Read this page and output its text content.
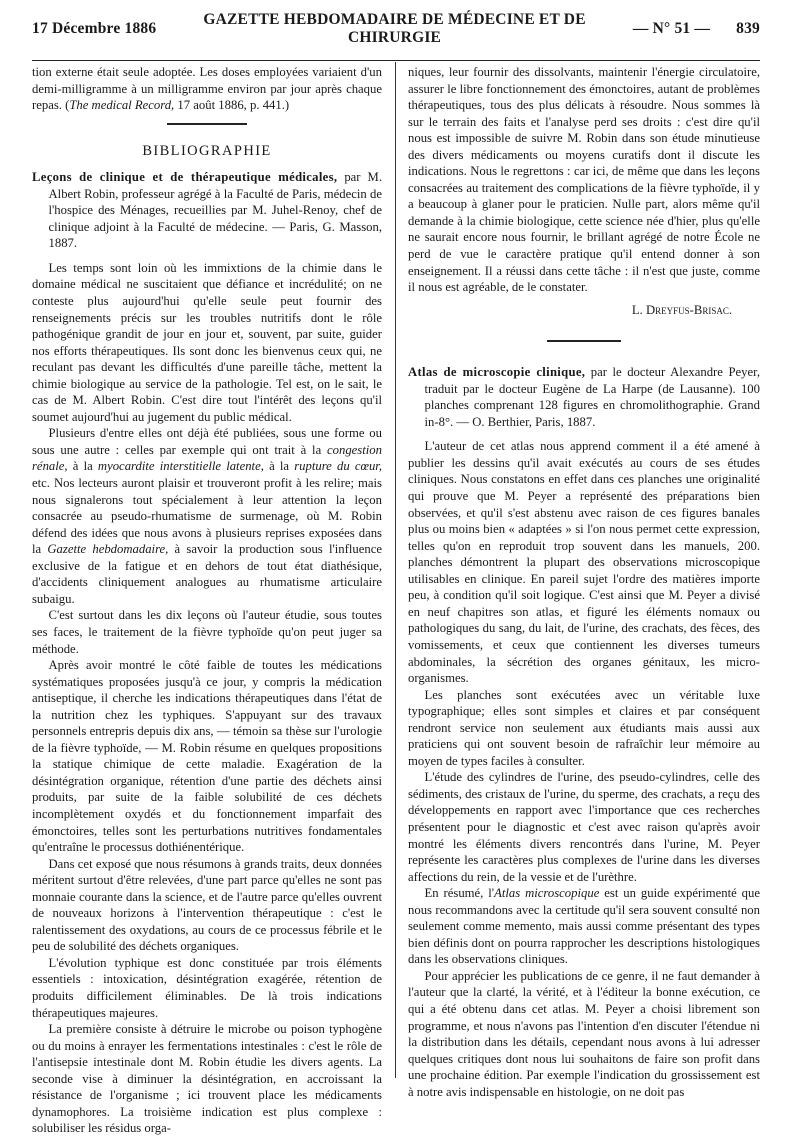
17 Décembre 1886
GAZETTE HEBDOMADAIRE DE MÉDECINE ET DE CHIRURGIE
— N° 51 — 839

tion externe était seule adoptée. Les doses employées variaient d'un demi-milligramme à un milligramme environ par jour après chaque repas. (The medical Record, 17 août 1886, p. 441.)

BIBLIOGRAPHIE

Leçons de clinique et de thérapeutique médicales, par M. Albert Robin, professeur agrégé à la Faculté de Paris, médecin de l'hospice des Ménages, recueillies par M. Juhel-Renoy, chef de clinique adjoint à la Faculté de médecine. — Paris, G. Masson, 1887.

Les temps sont loin où les immixtions de la chimie dans le domaine médical ne suscitaient que défiance et incrédulité; on ne conteste plus aujourd'hui qu'elle seule peut fournir des renseignements précis sur les troubles nutritifs dont le rôle pathogénique grandit de jour en jour et, souvent, par suite, guider nos efforts thérapeutiques. Ils sont donc les bienvenus ceux qui, ne reculant pas devant les difficultés d'une pareille tâche, mettent la chimie biologique au service de la pathologie. Tel est, on le sait, le cas de M. Albert Robin. C'est dire tout l'intérêt des leçons qu'il soumet aujourd'hui au jugement du public médical.

Plusieurs d'entre elles ont déjà été publiées, sous une forme ou sous une autre : celles par exemple qui ont trait à la congestion rénale, à la myocardite interstitielle latente, à la rupture du cœur, etc. Nos lecteurs auront plaisir et trouveront profit à les relire; mais nous signalerons tout spécialement à leur attention la leçon consacrée au pseudo-rhumatisme de surmenage, où M. Robin défend des idées que nous avons à plusieurs reprises exposées dans la Gazette hebdomadaire, à savoir la production sous l'influence exclusive de la fatigue et en dehors de tout état diathésique, d'accidents cliniquement analogues au rhumatisme articulaire subaigu.

C'est surtout dans les dix leçons où l'auteur étudie, sous toutes ses faces, le traitement de la fièvre typhoïde qu'on peut juger sa méthode.

Après avoir montré le côté faible de toutes les médications systématiques proposées jusqu'à ce jour, y compris la médication antiseptique, il cherche les indications thérapeutiques dans l'état de la nutrition chez les typhiques. S'appuyant sur des travaux personnels entrepris depuis dix ans, — témoin sa thèse sur l'urologie de la fièvre typhoïde, — M. Robin résume en quelques propositions la statique chimique de cette maladie. Exagération de la désintégration organique, rétention d'une partie des déchets ainsi produits, par suite de la faible solubilité de ces déchets incomplètement oxydés et du fonctionnement imparfait des émonctoires, telles sont les perturbations nutritives fondamentales qu'entraîne le processus dothiénentérique.

Dans cet exposé que nous résumons à grands traits, deux données méritent surtout d'être relevées, d'une part parce qu'elles ne sont pas monnaie courante dans la science, et de l'autre parce qu'elles ouvrent de nouveaux horizons à l'intervention thérapeutique : c'est le ralentissement des oxydations, au cours de ce processus fébrile et le peu de solubilité des déchets organiques.

L'évolution typhique est donc constituée par trois éléments essentiels : intoxication, désintégration exagérée, rétention de produits difficilement éliminables. De là trois indications thérapeutiques majeures.

La première consiste à détruire le microbe ou poison typhogène ou du moins à enrayer les fermentations intestinales : c'est le rôle de l'antisepsie intestinale dont M. Robin étudie les divers agents. La seconde vise à diminuer la désintégration, en accroissant la résistance de l'organisme ; ici trouvent place les médicaments dynamophores. La troisième indication est plus complexe : solubiliser les résidus orga-

niques, leur fournir des dissolvants, maintenir l'énergie circulatoire, assurer le libre fonctionnement des émonctoires, autant de problèmes thérapeutiques, tous des plus délicats à résoudre. Nous sommes là sur le terrain des faits et l'analyse perd ses droits : c'est dire qu'il nous est impossible de suivre M. Robin dans son étude minutieuse des divers médicaments ou moyens curatifs dont il discute les indications. Nous le regrettons : car ici, de même que dans les leçons consacrées au traitement des complications de la fièvre typhoïde, il y a beaucoup à glaner pour le praticien. Nulle part, alors même qu'il demande à la chimie biologique, cette science née d'hier, plus qu'elle ne saurait encore nous fournir, le brillant agrégé de notre École ne perd de vue le caractère pratique qu'il entend donner à son enseignement. Il a réussi dans cette tâche : il n'est que juste, comme il nous est agréable, de le constater.

L. Dreyfus-Brisac.

Atlas de microscopie clinique, par le docteur Alexandre Peyer, traduit par le docteur Eugène de La Harpe (de Lausanne). 100 planches comprenant 128 figures en chromolithographie. Grand in-8°. — O. Berthier, Paris, 1887.

L'auteur de cet atlas nous apprend comment il a été amené à publier les dessins qu'il avait exécutés au cours de ses études cliniques. Nous constatons en effet dans ces planches une originalité qui prouve que M. Peyer a représenté des préparations bien observées, et qu'il s'est abstenu avec raison de ces figures banales plus ou moins bien « adaptées » si l'on nous permet cette expression, telles qu'on en reproduit trop souvent dans les manuels, 200. planches démontrent la plupart des observations microscopique utilisables en clinique. En pareil sujet l'ordre des matières importe peu, à condition qu'il soit logique. C'est ainsi que M. Peyer a divisé en neuf chapitres son atlas, et figuré les éléments nomaux ou pathologiques du sang, du lait, de l'urine, des crachats, des fèces, des vomissements, et ceux que contiennent les diverses tumeurs abdominales, la sécrétion des organes génitaux, les micro-organismes.

Les planches sont exécutées avec un véritable luxe typographique; elles sont simples et claires et par conséquent rendront service non seulement aux étudiants mais aussi aux praticiens qui ont souvent besoin de rafraîchir leur mémoire au moyen de types faciles à consulter.

L'étude des cylindres de l'urine, des pseudo-cylindres, celle des sédiments, des cristaux de l'urine, du sperme, des crachats, a reçu des développements en rapport avec l'importance que ces recherches présentent pour le diagnostic et c'est avec raison qu'après avoir montré les éléments divers rencontrés dans l'urine, M. Peyer représente les caractères plus complexes de l'urine dans les diverses affections du rein, de la vessie et de l'urèthre.

En résumé, l'Atlas microscopique est un guide expérimenté que nous recommandons avec la certitude qu'il sera souvent consulté non seulement comme memento, mais aussi comme présentant des types bien définis dont on pourra rapprocher les descriptions histologiques dans les observations cliniques.

Pour apprécier les publications de ce genre, il ne faut demander à l'auteur que la clarté, la vérité, et à l'éditeur la bonne exécution, ce qui a été obtenu dans cet atlas. M. Peyer a choisi librement son programme, et nous n'avons pas l'intention d'en discuter l'étendue ni la distribution dans les détails, cependant nous avons à lui adresser quelques critiques dont nous lui souhaitons de faire son profit dans une prochaine édition. Par exemple l'indication du grossissement est à notre avis indispensable en histologie, on ne doit pas
